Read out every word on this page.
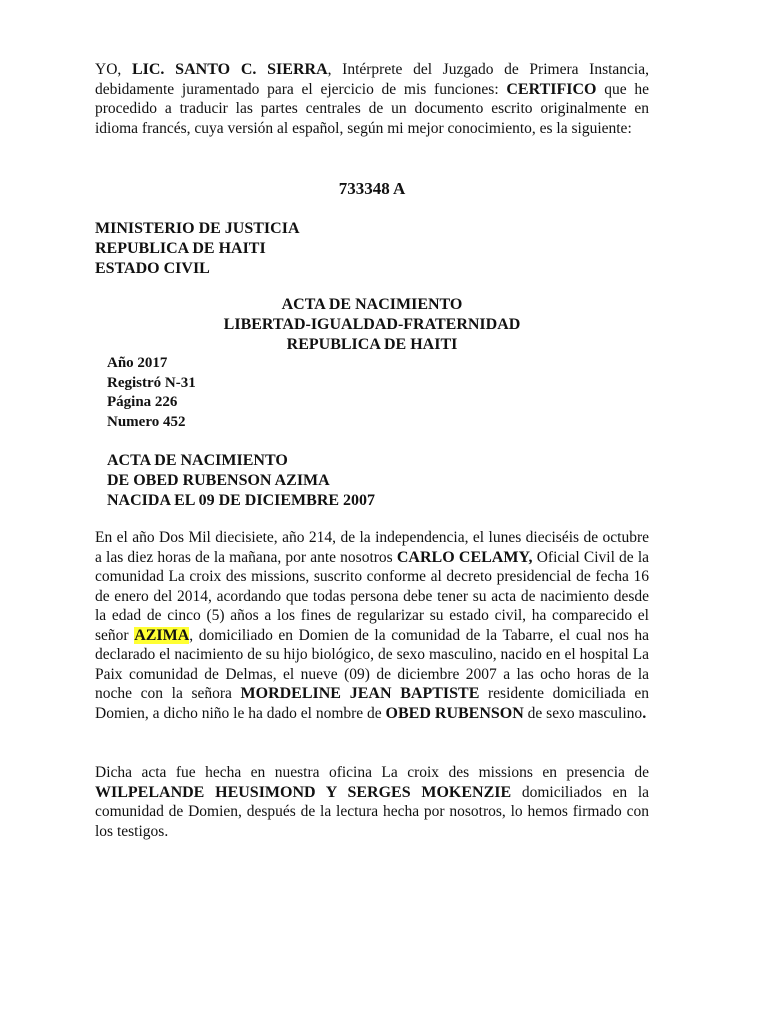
YO, LIC. SANTO C. SIERRA, Intérprete del Juzgado de Primera Instancia, debidamente juramentado para el ejercicio de mis funciones: CERTIFICO que he procedido a traducir las partes centrales de un documento escrito originalmente en idioma francés, cuya versión al español, según mi mejor conocimiento, es la siguiente:

733348 A

MINISTERIO DE JUSTICIA
REPUBLICA DE HAITI
ESTADO CIVIL

ACTA DE NACIMIENTO
LIBERTAD-IGUALDAD-FRATERNIDAD
REPUBLICA DE HAITI

Año 2017
Registró N-31
Página 226
Numero 452

ACTA DE NACIMIENTO
DE OBED RUBENSON AZIMA
NACIDA EL 09 DE DICIEMBRE 2007

En el año Dos Mil diecisiete, año 214, de la independencia, el lunes dieciséis de octubre a las diez horas de la mañana, por ante nosotros CARLO CELAMY, Oficial Civil de la comunidad La croix des missions, suscrito conforme al decreto presidencial de fecha 16 de enero del 2014, acordando que todas persona debe tener su acta de nacimiento desde la edad de cinco (5) años a los fines de regularizar su estado civil, ha comparecido el señor AZIMA, domiciliado en Domien de la comunidad de la Tabarre, el cual nos ha declarado el nacimiento de su hijo biológico, de sexo masculino, nacido en el hospital La Paix comunidad de Delmas, el nueve (09) de diciembre 2007 a las ocho horas de la noche con la señora MORDELINE JEAN BAPTISTE residente domiciliada en Domien, a dicho niño le ha dado el nombre de OBED RUBENSON de sexo masculino.

Dicha acta fue hecha en nuestra oficina La croix des missions en presencia de WILPELANDE HEUSIMOND Y SERGES MOKENZIE domiciliados en la comunidad de Domien, después de la lectura hecha por nosotros, lo hemos firmado con los testigos.
